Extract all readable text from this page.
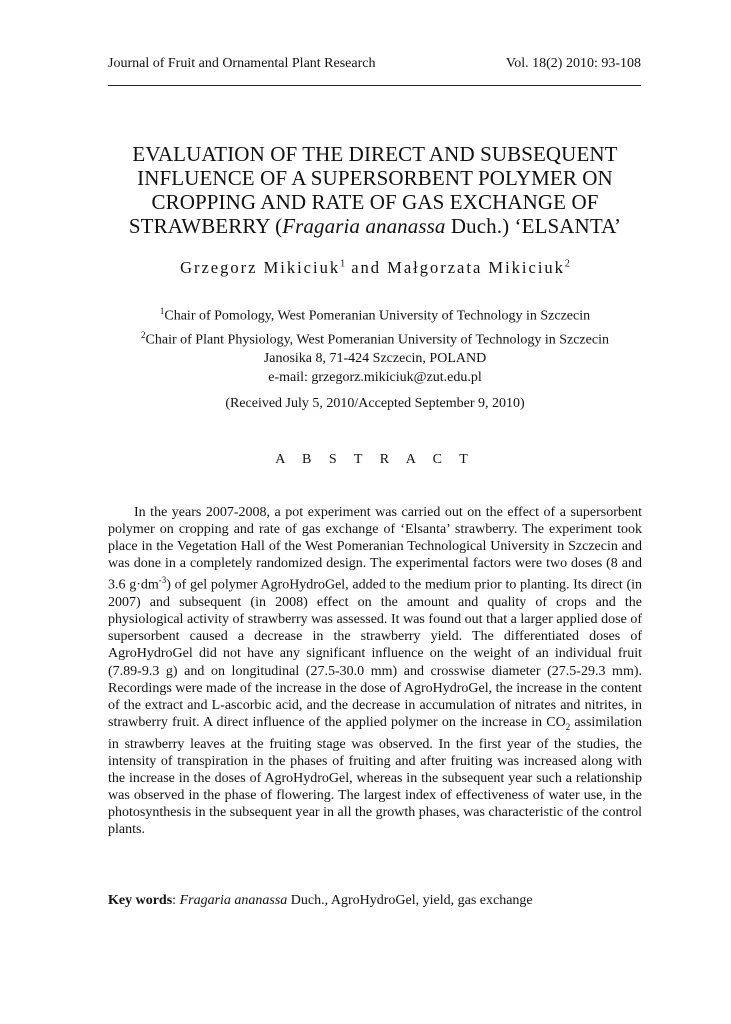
Journal of Fruit and Ornamental Plant Research	Vol. 18(2) 2010: 93-108
EVALUATION OF THE DIRECT AND SUBSEQUENT
INFLUENCE OF A SUPERSORBENT POLYMER ON
CROPPING AND RATE OF GAS EXCHANGE OF
STRAWBERRY (Fragaria ananassa Duch.) ‘ELSANTA’
Grzegorz Mikiciuk$^1$ and Małgorzata Mikiciuk$^2$
$^1$Chair of Pomology, West Pomeranian University of Technology in Szczecin
$^2$Chair of Plant Physiology, West Pomeranian University of Technology in Szczecin
Janosika 8, 71-424 Szczecin, POLAND
e-mail: grzegorz.mikiciuk@zut.edu.pl
(Received July 5, 2010/Accepted September 9, 2010)
A B S T R A C T

In the years 2007-2008, a pot experiment was carried out on the effect of a supersorbent polymer on cropping and rate of gas exchange of ‘Elsanta’ strawberry. The experiment took place in the Vegetation Hall of the West Pomeranian Technological University in Szczecin and was done in a completely randomized design. The experimental factors were two doses (8 and 3.6 $g\cdot dm^{-3}$) of gel polymer AgroHydroGel, added to the medium prior to planting. Its direct (in 2007) and subsequent (in 2008) effect on the amount and quality of crops and the physiological activity of strawberry was assessed. It was found out that a larger applied dose of supersorbent caused a decrease in the strawberry yield. The differentiated doses of AgroHydroGel did not have any significant influence on the weight of an individual fruit (7.89-9.3 g) and on longitudinal (27.5-30.0 mm) and crosswise diameter (27.5-29.3 mm). Recordings were made of the increase in the dose of AgroHydroGel, the increase in the content of the extract and L-ascorbic acid, and the decrease in accumulation of nitrates and nitrites, in strawberry fruit. A direct influence of the applied polymer on the increase in $CO_2$ assimilation in strawberry leaves at the fruiting stage was observed. In the first year of the studies, the intensity of transpiration in the phases of fruiting and after fruiting was increased along with the increase in the doses of AgroHydroGel, whereas in the subsequent year such a relationship was observed in the phase of flowering. The largest index of effectiveness of water use, in the photosynthesis in the subsequent year in all the growth phases, was characteristic of the control plants.

Key words: Fragaria ananassa Duch., AgroHydroGel, yield, gas exchange
